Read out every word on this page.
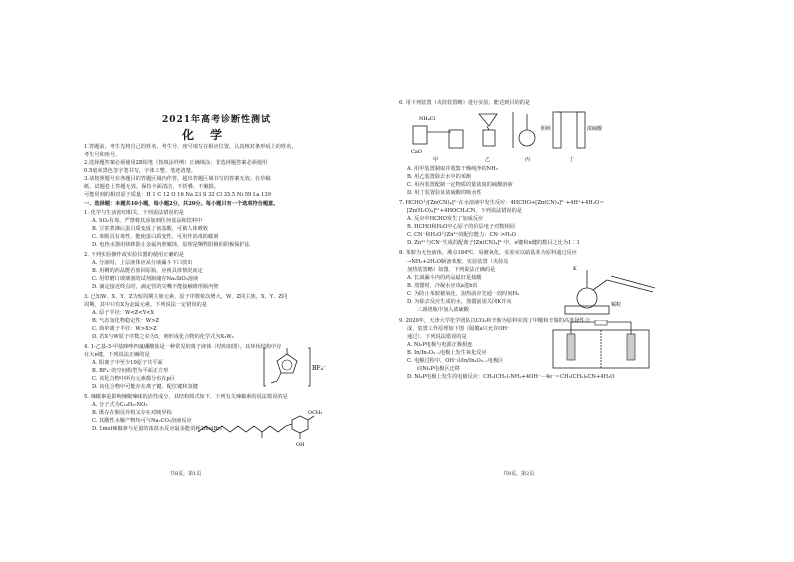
2021年高考诊断性测试
化 学
1.答题前，考生先将自己的姓名、考生号、座号填写在相应位置，认真核对条形码上的姓名、
考生号和座号。
2.选择题答案必须使用2B铅笔（按填涂样例）正确填涂；非选择题答案必须使用
0.5毫米黑色签字笔书写，字体工整、笔迹清楚。
3.请按照题号在各题目的答题区域内作答，超出答题区域书写的答案无效；在草稿
纸、试题卷上答题无效。保持卡面清洁，不折叠、不破损。
可能用到的相对原子质量：H 1 C 12 O 16 Na 23 S 32 Cl 35.5 Ni 59 La 139
一、选择题：本题共10小题，每小题2分，共20分。每小题只有一个选项符合题意。
1. 化学与生活密切相关，下列说法错误的是
A. SO₂有毒，严禁将其添加到任何食品和饮料中
B. 豆浆煮沸后蛋白质变成了氨基酸，可被人体吸收
C. 苯酚具有毒性，能使蛋白质变性，可用作消毒防腐剂
D. 电热水器用镁棒防止金属内胆腐蚀，原理是牺牲阳极的阴极保护法
2. 下列实验操作或实验仪器的使用正确的是
A. 分液时，上层液体应从分液漏斗下口放出
B. 用剩的药品能否放回原瓶，应视具体情况而定
C. 用带磨口玻璃塞的试剂瓶储存Na₂SiO₃溶液
D. 滴定接近终点时，滴定管的尖嘴不能接触锥形瓶内壁
3. 已知W、X、Y、Z为短周期主族元素，原子序数依次增大，W、Z同主族，X、Y、Z同
周期，其中只有X为金属元素。下列说法一定错误的是
A. 原子半径：W<Z<Y<X
B. 气态氢化物稳定性：W>Z
C. 简单离子半径：W>X>Z
D. 若X与W原子序数之差为5，则形成化合物的化学式为X₃W₂
4. 1-乙基-3-甲基咪唑四氟硼酸盐是一种常见的离子液体（结构如图），其环状结构中存
在大π键，下列说法正确的是
A. 阳离子中至少10原子共平面
B. BF₄⁻的空间构型为平面正方形
C. 该化合物中所有元素都分布在p区
D. 该化合物中可能存在离子键、配位键和氢键
BF₄⁻
5. 辣椒素是影响辣椒辣味的活性成分，其结构简式如下，下列有关辣椒素的说法错误的是
A. 分子式为C₁₈H₂₇NO₃
B. 既存在顺反异构又存在对映异构
C. 其酸性水解产物均可与Na₂CO₃溶液反应
D. 1mol辣椒素与足量的浓溴水反应最多能消耗2molBr₂
OCH₃
OH
共8页，第1页
6. 用下列装置（夹持装置略）进行实验，能达到目的的是
NH₄Cl
CaO
胆矾	浓硫酸
甲	乙	丙	丁
A. 用甲装置制取并收集干燥纯净的NH₃
B. 用乙装置除去水中的苯酚
C. 用丙装置配制一定物质的量浓度的硫酸溶液
D. 用丁装置验证浓硫酸的吸水性
7. HCHO与[Zn(CN)₄]²⁻在水溶液中发生反应：4HCHO+[Zn(CN)₄]²⁻+4H⁺+4H₂O＝
[Zn(H₂O)₄]²⁺+4HOCH₂CN，下列说法错误的是
A. 反应中HCHO发生了加成反应
B. HCHO和H₂O中心原子的价层电子对数相同
C. CN⁻和H₂O与Zn²⁺的配位能力：CN⁻>H₂O
D. Zn²⁺与CN⁻生成的配离子[Zn(CN)₄]²⁻中，σ键和π键的数目之比为1∶1
8. 苯胺为无色液体，沸点184℃，易被氧化。实验室以硝基苯为原料通过反应
→NH₂+2H₂O制备苯胺，实验装置（夹持及
加热装置略）如图。下列说法正确的是
A. 长颈漏斗内的药品最好是盐酸
B. 蒸馏时，冷凝水应该a进b出
C. 为防止苯胺被氧化，加热前应先通一段时间H₂
D. 为除去反应生成的水，蒸馏前需关闭K并向
三颈烧瓶中加入浓硫酸
K
锡粒
9. 2020年，天津大学化学团队以CO₂和辛胺为原料实现了甲酸和辛腈的高选择性合
成，装置工作原理如下图（隔膜a只允许OH⁻
通过）。下列说法错误的是
A. Ni₂P电极与电源正极相连
B. In/In₂O₃₋ₓ电极上发生氧化反应
C. 电解过程中，OH⁻由In/In₂O₃₋ₓ电极区
向Ni₂P电极区迁移
D. Ni₂P电极上发生的电极反应：CH₃(CH₂)₇NH₂+4OH⁻－4e⁻＝CH₃(CH₂)₆CN+4H₂O
共8页，第2页
